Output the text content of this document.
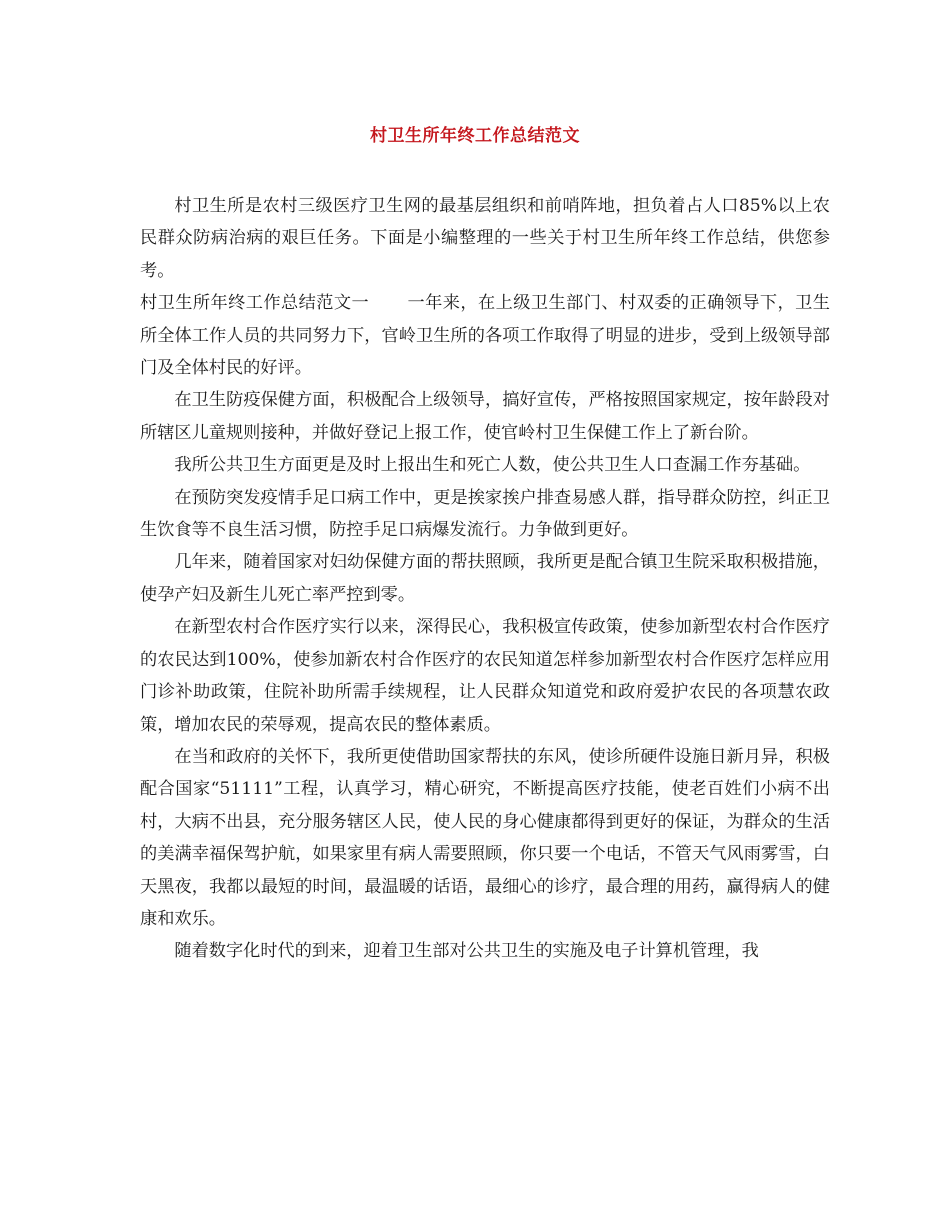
村卫生所年终工作总结范文

村卫生所是农村三级医疗卫生网的最基层组织和前哨阵地，担负着占人口85%以上农民群众防病治病的艰巨任务。下面是小编整理的一些关于村卫生所年终工作总结，供您参考。

村卫生所年终工作总结范文一 一年来，在上级卫生部门、村双委的正确领导下，卫生所全体工作人员的共同努力下，官岭卫生所的各项工作取得了明显的进步，受到上级领导部门及全体村民的好评。

在卫生防疫保健方面，积极配合上级领导，搞好宣传，严格按照国家规定，按年龄段对所辖区儿童规则接种，并做好登记上报工作，使官岭村卫生保健工作上了新台阶。

我所公共卫生方面更是及时上报出生和死亡人数，使公共卫生人口查漏工作夯基础。

在预防突发疫情手足口病工作中，更是挨家挨户排查易感人群，指导群众防控，纠正卫生饮食等不良生活习惯，防控手足口病爆发流行。力争做到更好。

几年来，随着国家对妇幼保健方面的帮扶照顾，我所更是配合镇卫生院采取积极措施，使孕产妇及新生儿死亡率严控到零。

在新型农村合作医疗实行以来，深得民心，我积极宣传政策，使参加新型农村合作医疗的农民达到100%，使参加新农村合作医疗的农民知道怎样参加新型农村合作医疗怎样应用门诊补助政策，住院补助所需手续规程，让人民群众知道党和政府爱护农民的各项慧农政策，增加农民的荣辱观，提高农民的整体素质。

在当和政府的关怀下，我所更使借助国家帮扶的东风，使诊所硬件设施日新月异，积极配合国家“51111”工程，认真学习，精心研究，不断提高医疗技能，使老百姓们小病不出村，大病不出县，充分服务辖区人民，使人民的身心健康都得到更好的保证，为群众的生活的美满幸福保驾护航，如果家里有病人需要照顾，你只要一个电话，不管天气风雨雾雪，白天黑夜，我都以最短的时间，最温暖的话语，最细心的诊疗，最合理的用药，赢得病人的健康和欢乐。

随着数字化时代的到来，迎着卫生部对公共卫生的实施及电子计算机管理，我
